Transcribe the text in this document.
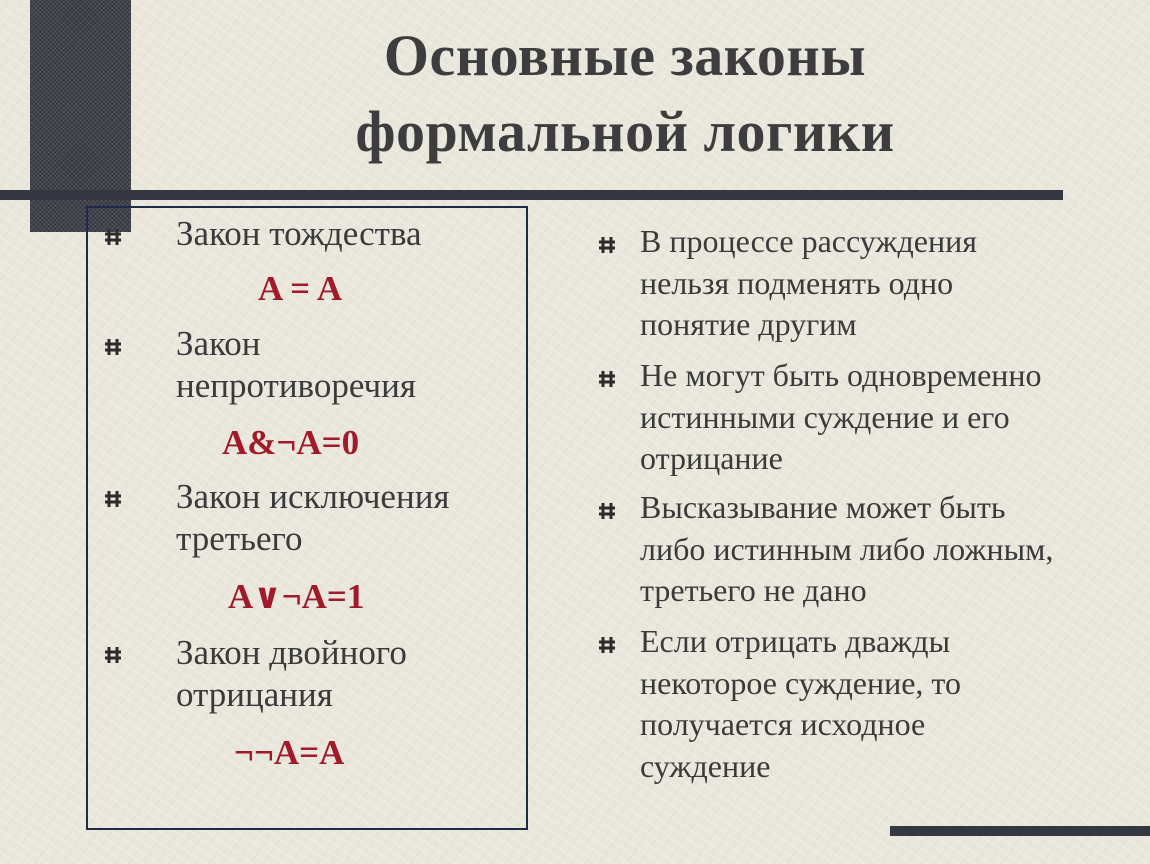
Основные законы
формальной логики
Закон тождества
A = A
Закон
непротиворечия
A&¬A=0
Закон исключения
третьего
A∨¬A=1
Закон двойного
отрицания
¬¬A=A
В процессе рассуждения
нельзя подменять одно
понятие другим
Не могут быть одновременно
истинными суждение и его
отрицание
Высказывание может быть
либо истинным либо ложным,
третьего не дано
Если отрицать дважды
некоторое суждение, то
получается исходное
суждение
